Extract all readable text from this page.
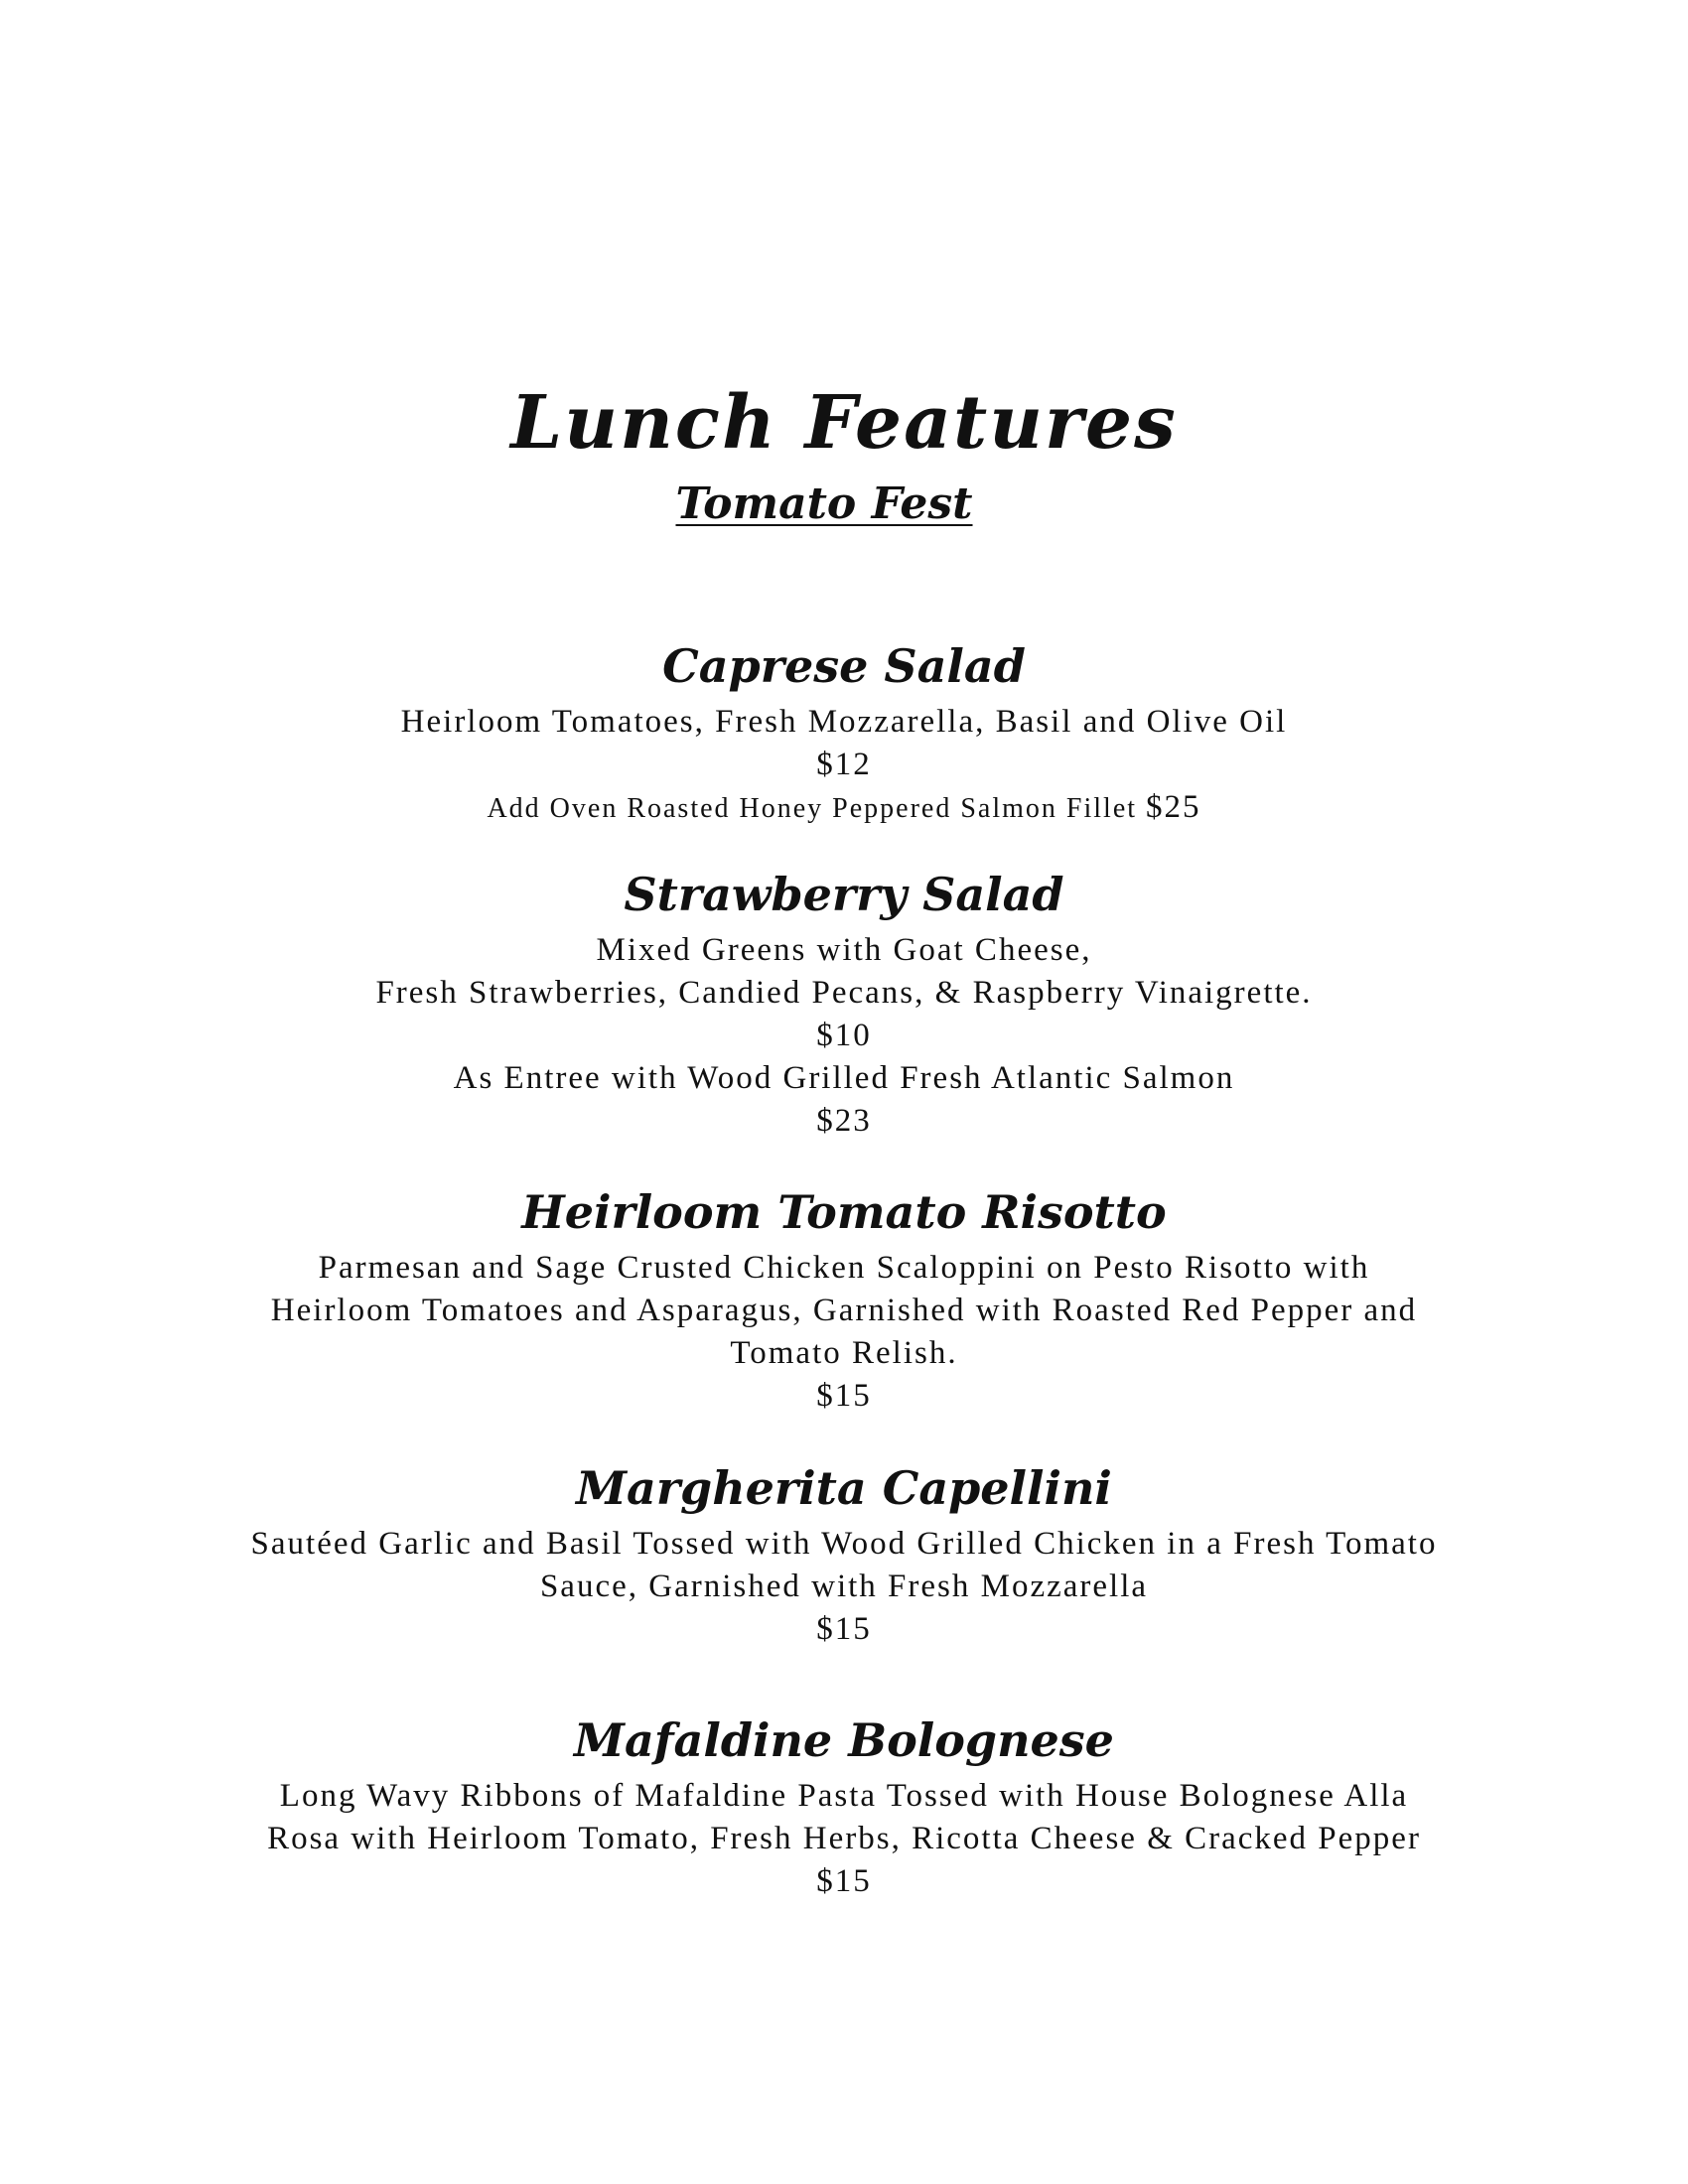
Lunch Features
Tomato Fest
Caprese Salad

Heirloom Tomatoes, Fresh Mozzarella, Basil and Olive Oil

$12

Add Oven Roasted Honey Peppered Salmon Fillet $25

Strawberry Salad

Mixed Greens with Goat Cheese,

Fresh Strawberries, Candied Pecans, & Raspberry Vinaigrette.

$10

As Entree with Wood Grilled Fresh Atlantic Salmon

$23

Heirloom Tomato Risotto

Parmesan and Sage Crusted Chicken Scaloppini on Pesto Risotto with

Heirloom Tomatoes and Asparagus, Garnished with Roasted Red Pepper and

Tomato Relish.

$15

Margherita Capellini

Sautéed Garlic and Basil Tossed with Wood Grilled Chicken in a Fresh Tomato

Sauce, Garnished with Fresh Mozzarella

$15

Mafaldine Bolognese

Long Wavy Ribbons of Mafaldine Pasta Tossed with House Bolognese Alla

Rosa with Heirloom Tomato, Fresh Herbs, Ricotta Cheese & Cracked Pepper

$15
